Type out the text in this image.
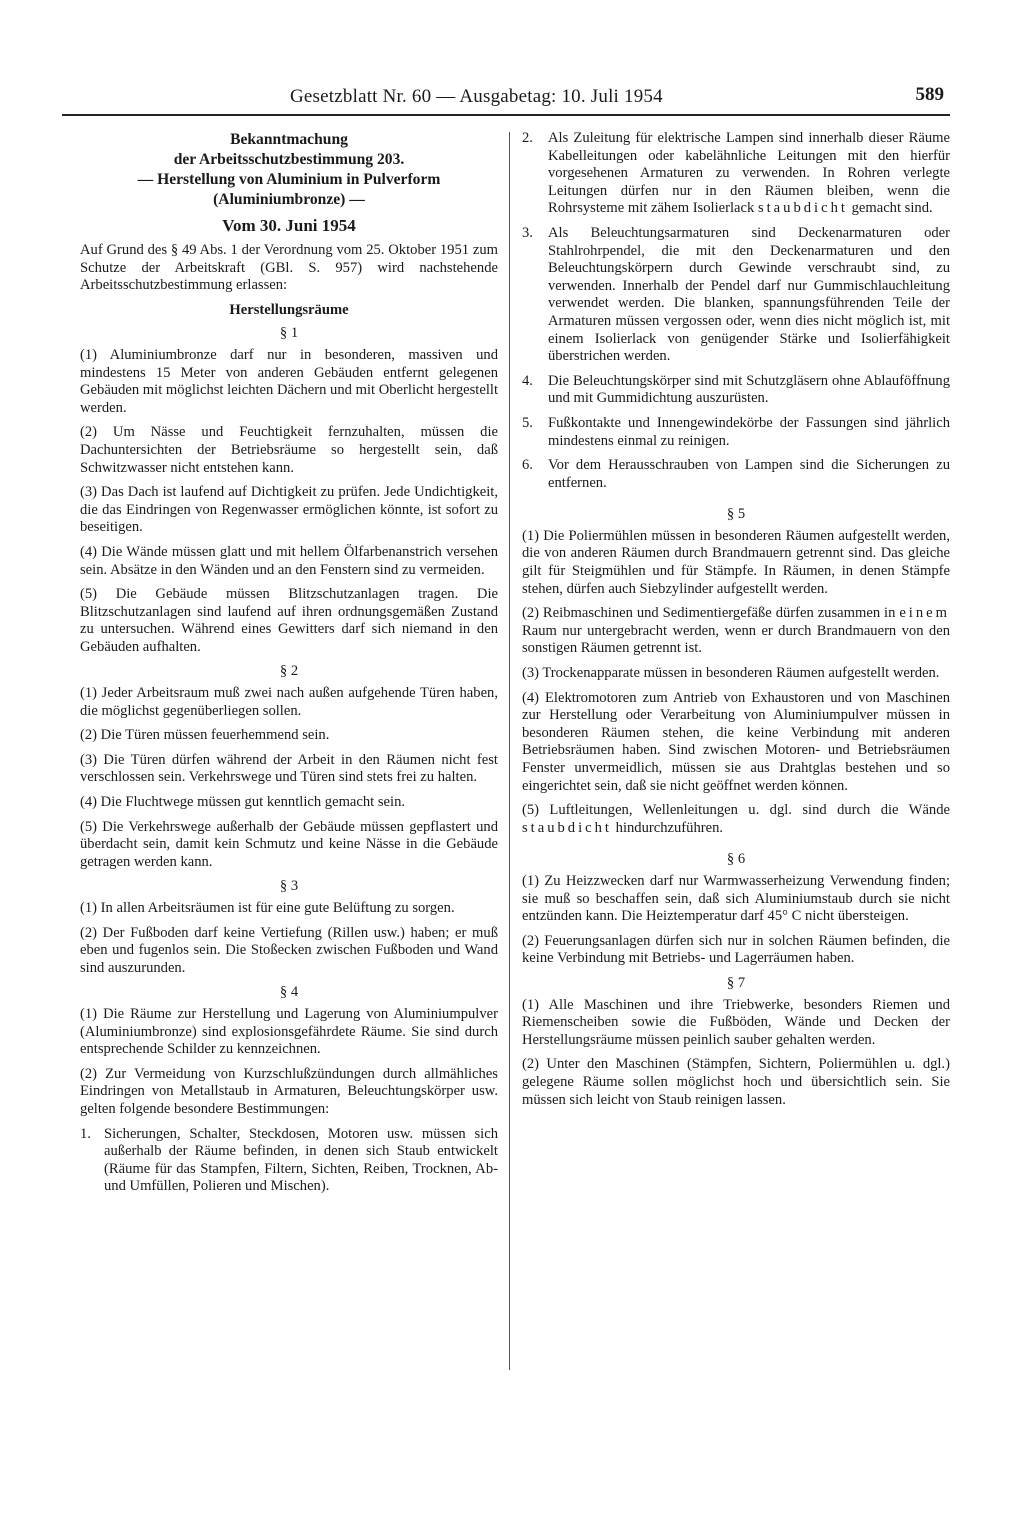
Gesetzblatt Nr. 60 — Ausgabetag: 10. Juli 1954	589
Bekanntmachung
der Arbeitsschutzbestimmung 203.
— Herstellung von Aluminium in Pulverform
(Aluminiumbronze) —
Vom 30. Juni 1954

Auf Grund des § 49 Abs. 1 der Verordnung vom 25. Oktober 1951 zum Schutze der Arbeitskraft (GBl. S. 957) wird nachstehende Arbeitsschutzbestimmung erlassen:

Herstellungsräume
§ 1

(1) Aluminiumbronze darf nur in besonderen, massiven und mindestens 15 Meter von anderen Gebäuden entfernt gelegenen Gebäuden mit möglichst leichten Dächern und mit Oberlicht hergestellt werden.

(2) Um Nässe und Feuchtigkeit fernzuhalten, müssen die Dachuntersichten der Betriebsräume so hergestellt sein, daß Schwitzwasser nicht entstehen kann.

(3) Das Dach ist laufend auf Dichtigkeit zu prüfen. Jede Undichtigkeit, die das Eindringen von Regenwasser ermöglichen könnte, ist sofort zu beseitigen.

(4) Die Wände müssen glatt und mit hellem Ölfarbenanstrich versehen sein. Absätze in den Wänden und an den Fenstern sind zu vermeiden.

(5) Die Gebäude müssen Blitzschutzanlagen tragen. Die Blitzschutzanlagen sind laufend auf ihren ordnungsgemäßen Zustand zu untersuchen. Während eines Gewitters darf sich niemand in den Gebäuden aufhalten.

§ 2

(1) Jeder Arbeitsraum muß zwei nach außen aufgehende Türen haben, die möglichst gegenüberliegen sollen.

(2) Die Türen müssen feuerhemmend sein.

(3) Die Türen dürfen während der Arbeit in den Räumen nicht fest verschlossen sein. Verkehrswege und Türen sind stets frei zu halten.

(4) Die Fluchtwege müssen gut kenntlich gemacht sein.

(5) Die Verkehrswege außerhalb der Gebäude müssen gepflastert und überdacht sein, damit kein Schmutz und keine Nässe in die Gebäude getragen werden kann.

§ 3

(1) In allen Arbeitsräumen ist für eine gute Belüftung zu sorgen.

(2) Der Fußboden darf keine Vertiefung (Rillen usw.) haben; er muß eben und fugenlos sein. Die Stoßecken zwischen Fußboden und Wand sind auszurunden.

§ 4

(1) Die Räume zur Herstellung und Lagerung von Aluminiumpulver (Aluminiumbronze) sind explosionsgefährdete Räume. Sie sind durch entsprechende Schilder zu kennzeichnen.

(2) Zur Vermeidung von Kurzschlußzündungen durch allmähliches Eindringen von Metallstaub in Armaturen, Beleuchtungskörper usw. gelten folgende besondere Bestimmungen:

1. Sicherungen, Schalter, Steckdosen, Motoren usw. müssen sich außerhalb der Räume befinden, in denen sich Staub entwickelt (Räume für das Stampfen, Filtern, Sichten, Reiben, Trocknen, Ab- und Umfüllen, Polieren und Mischen).
2.	Als Zuleitung für elektrische Lampen sind innerhalb dieser Räume Kabelleitungen oder kabelähnliche Leitungen mit den hierfür vorgesehenen Armaturen zu verwenden. In Rohren verlegte Leitungen dürfen nur in den Räumen bleiben, wenn die Rohrsysteme mit zähem Isolierlack staubdicht gemacht sind.
3.	Als Beleuchtungsarmaturen sind Deckenarmaturen oder Stahlrohrpendel, die mit den Deckenarmaturen und den Beleuchtungskörpern durch Gewinde verschraubt sind, zu verwenden. Innerhalb der Pendel darf nur Gummischlauchleitung verwendet werden. Die blanken, spannungsführenden Teile der Armaturen müssen vergossen oder, wenn dies nicht möglich ist, mit einem Isolierlack von genügender Stärke und Isolierfähigkeit überstrichen werden.
4.	Die Beleuchtungskörper sind mit Schutzgläsern ohne Ablauföffnung und mit Gummidichtung auszurüsten.
5.	Fußkontakte und Innengewindekörbe der Fassungen sind jährlich mindestens einmal zu reinigen.
6.	Vor dem Herausschrauben von Lampen sind die Sicherungen zu entfernen.
§ 5

(1) Die Poliermühlen müssen in besonderen Räumen aufgestellt werden, die von anderen Räumen durch Brandmauern getrennt sind. Das gleiche gilt für Steigmühlen und für Stämpfe. In Räumen, in denen Stämpfe stehen, dürfen auch Siebzylinder aufgestellt werden.

(2) Reibmaschinen und Sedimentiergefäße dürfen zusammen in einem Raum nur untergebracht werden, wenn er durch Brandmauern von den sonstigen Räumen getrennt ist.

(3) Trockenapparate müssen in besonderen Räumen aufgestellt werden.

(4) Elektromotoren zum Antrieb von Exhaustoren und von Maschinen zur Herstellung oder Verarbeitung von Aluminiumpulver müssen in besonderen Räumen stehen, die keine Verbindung mit anderen Betriebsräumen haben. Sind zwischen Motoren- und Betriebsräumen Fenster unvermeidlich, müssen sie aus Drahtglas bestehen und so eingerichtet sein, daß sie nicht geöffnet werden können.

(5) Luftleitungen, Wellenleitungen u. dgl. sind durch die Wände staubdicht hindurchzuführen.

§ 6

(1) Zu Heizzwecken darf nur Warmwasserheizung Verwendung finden; sie muß so beschaffen sein, daß sich Aluminiumstaub durch sie nicht entzünden kann. Die Heiztemperatur darf 45° C nicht übersteigen.

(2) Feuerungsanlagen dürfen sich nur in solchen Räumen befinden, die keine Verbindung mit Betriebs- und Lagerräumen haben.

§ 7

(1) Alle Maschinen und ihre Triebwerke, besonders Riemen und Riemenscheiben sowie die Fußböden, Wände und Decken der Herstellungsräume müssen peinlich sauber gehalten werden.

(2) Unter den Maschinen (Stämpfen, Sichtern, Poliermühlen u. dgl.) gelegene Räume sollen möglichst hoch und übersichtlich sein. Sie müssen sich leicht von Staub reinigen lassen.
